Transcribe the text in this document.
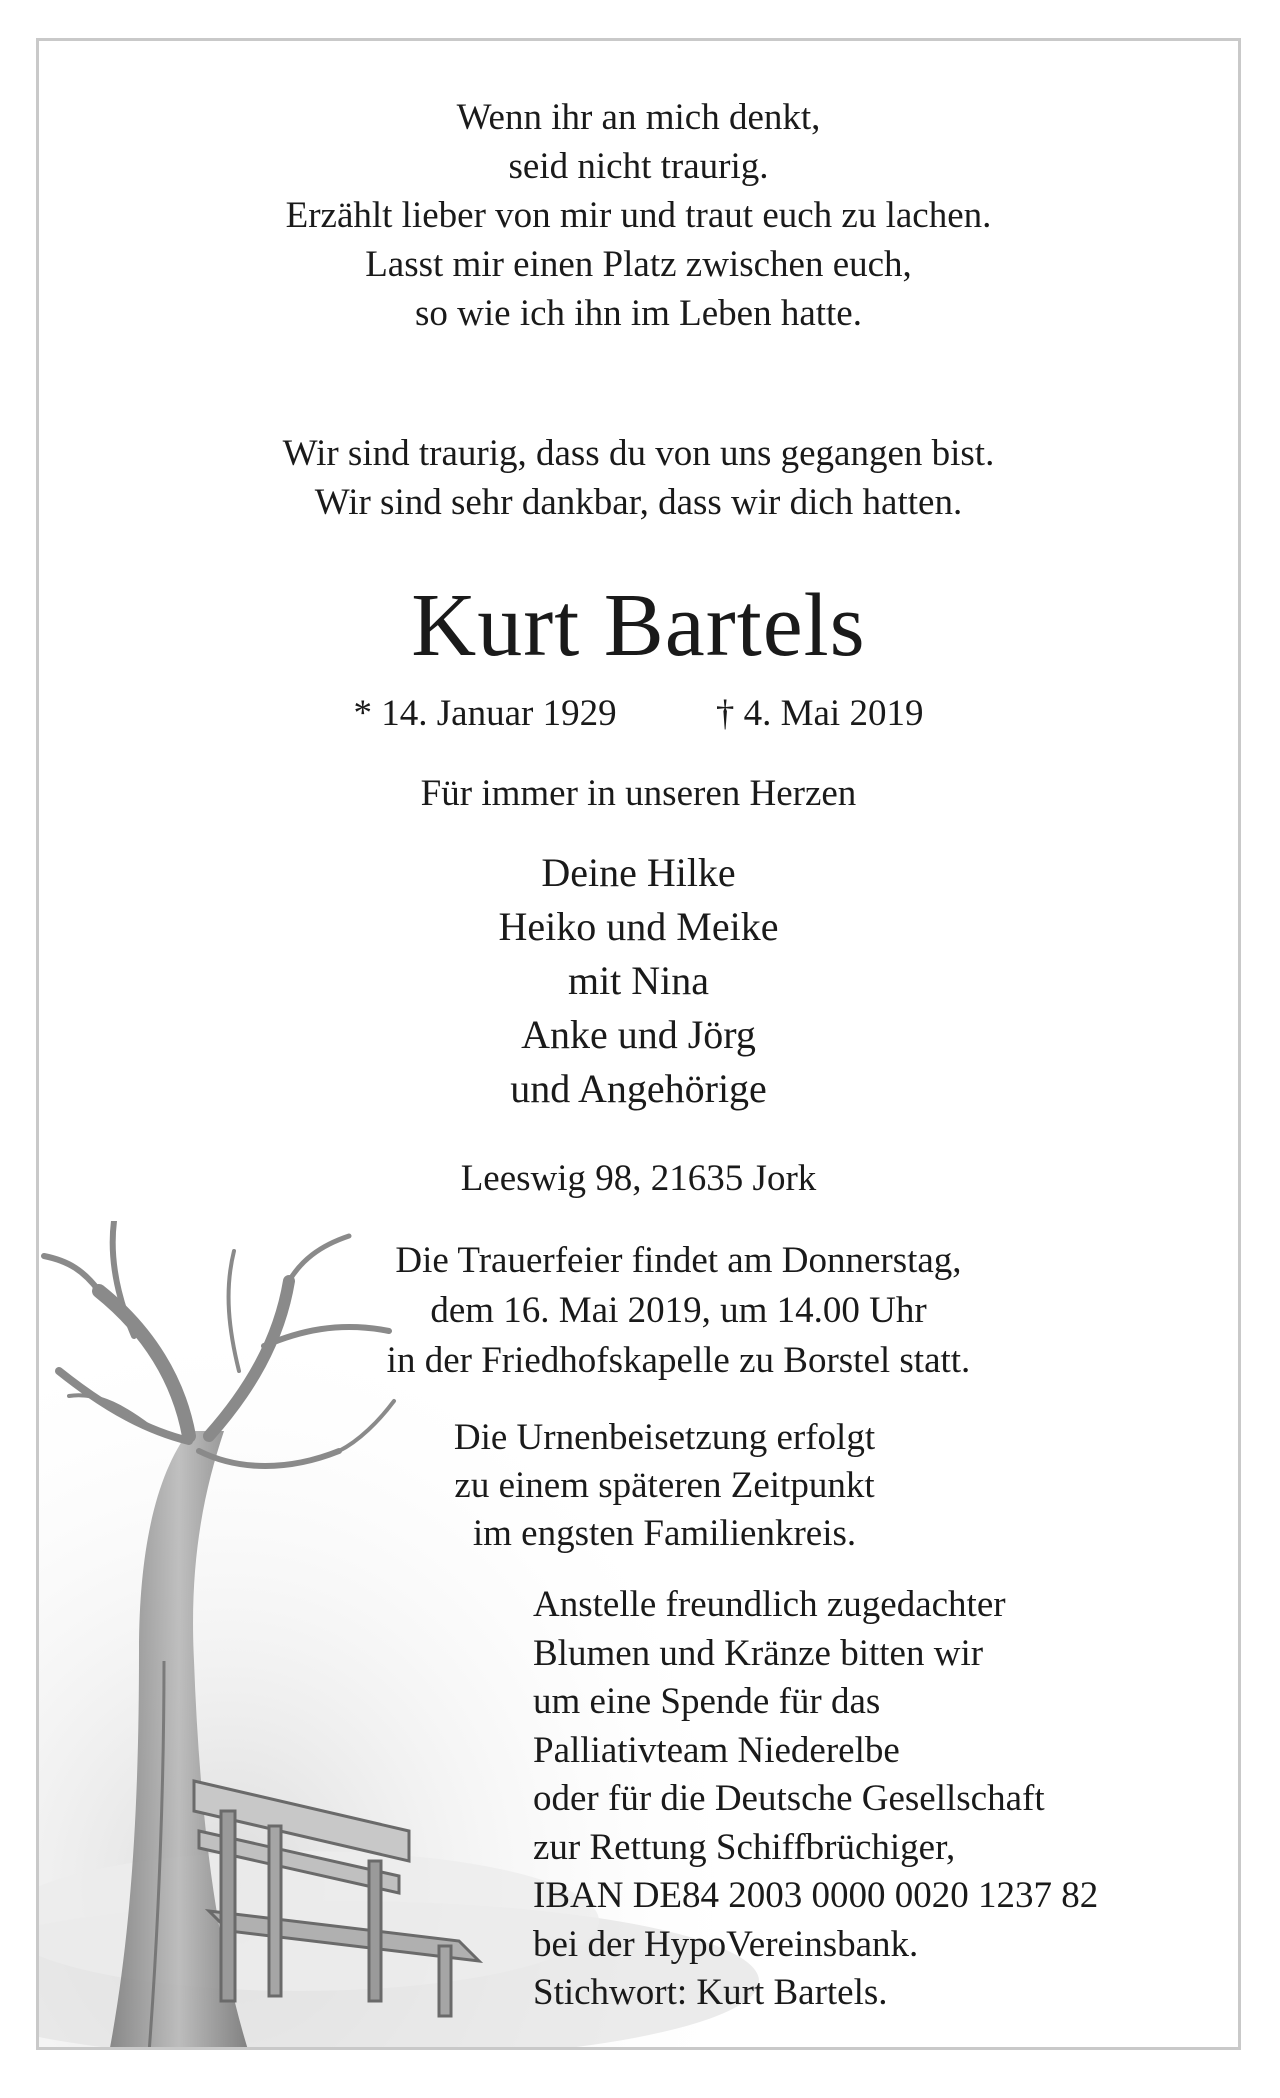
Wenn ihr an mich denkt,
seid nicht traurig.
Erzählt lieber von mir und traut euch zu lachen.
Lasst mir einen Platz zwischen euch,
so wie ich ihn im Leben hatte.
Wir sind traurig, dass du von uns gegangen bist.
Wir sind sehr dankbar, dass wir dich hatten.
Kurt Bartels
* 14. Januar 1929	† 4. Mai 2019
Für immer in unseren Herzen
Deine Hilke
Heiko und Meike
mit Nina
Anke und Jörg
und Angehörige
Leeswig 98, 21635 Jork
Die Trauerfeier findet am Donnerstag,
dem 16. Mai 2019, um 14.00 Uhr
in der Friedhofskapelle zu Borstel statt.
Die Urnenbeisetzung erfolgt
zu einem späteren Zeitpunkt
im engsten Familienkreis.
Anstelle freundlich zugedachter
Blumen und Kränze bitten wir
um eine Spende für das
Palliativteam Niederelbe
oder für die Deutsche Gesellschaft
zur Rettung Schiffbrüchiger,
IBAN DE84 2003 0000 0020 1237 82
bei der HypoVereinsbank.
Stichwort: Kurt Bartels.
